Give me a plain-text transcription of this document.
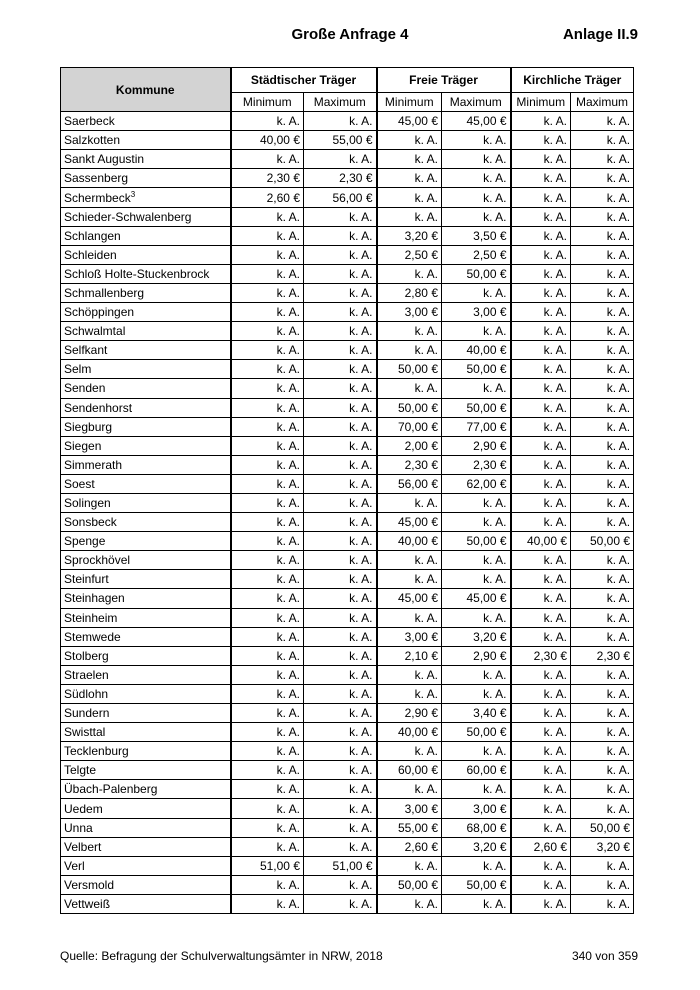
Große Anfrage 4	Anlage II.9
Kommune	Städtischer Träger		Freie Träger		Kirchliche Träger	
	Minimum	Maximum	Minimum	Maximum	Minimum	Maximum
Saerbeck	k. A.	k. A.	45,00 €	45,00 €	k. A.	k. A.
Salzkotten	40,00 €	55,00 €	k. A.	k. A.	k. A.	k. A.
Sankt Augustin	k. A.	k. A.	k. A.	k. A.	k. A.	k. A.
Sassenberg	2,30 €	2,30 €	k. A.	k. A.	k. A.	k. A.
Schermbeck$^3$	2,60 €	56,00 €	k. A.	k. A.	k. A.	k. A.
Schieder-Schwalenberg	k. A.	k. A.	k. A.	k. A.	k. A.	k. A.
Schlangen	k. A.	k. A.	3,20 €	3,50 €	k. A.	k. A.
Schleiden	k. A.	k. A.	2,50 €	2,50 €	k. A.	k. A.
Schloß Holte-Stuckenbrock	k. A.	k. A.	k. A.	50,00 €	k. A.	k. A.
Schmallenberg	k. A.	k. A.	2,80 €	k. A.	k. A.	k. A.
Schöppingen	k. A.	k. A.	3,00 €	3,00 €	k. A.	k. A.
Schwalmtal	k. A.	k. A.	k. A.	k. A.	k. A.	k. A.
Selfkant	k. A.	k. A.	k. A.	40,00 €	k. A.	k. A.
Selm	k. A.	k. A.	50,00 €	50,00 €	k. A.	k. A.
Senden	k. A.	k. A.	k. A.	k. A.	k. A.	k. A.
Sendenhorst	k. A.	k. A.	50,00 €	50,00 €	k. A.	k. A.
Siegburg	k. A.	k. A.	70,00 €	77,00 €	k. A.	k. A.
Siegen	k. A.	k. A.	2,00 €	2,90 €	k. A.	k. A.
Simmerath	k. A.	k. A.	2,30 €	2,30 €	k. A.	k. A.
Soest	k. A.	k. A.	56,00 €	62,00 €	k. A.	k. A.
Solingen	k. A.	k. A.	k. A.	k. A.	k. A.	k. A.
Sonsbeck	k. A.	k. A.	45,00 €	k. A.	k. A.	k. A.
Spenge	k. A.	k. A.	40,00 €	50,00 €	40,00 €	50,00 €
Sprockhövel	k. A.	k. A.	k. A.	k. A.	k. A.	k. A.
Steinfurt	k. A.	k. A.	k. A.	k. A.	k. A.	k. A.
Steinhagen	k. A.	k. A.	45,00 €	45,00 €	k. A.	k. A.
Steinheim	k. A.	k. A.	k. A.	k. A.	k. A.	k. A.
Stemwede	k. A.	k. A.	3,00 €	3,20 €	k. A.	k. A.
Stolberg	k. A.	k. A.	2,10 €	2,90 €	2,30 €	2,30 €
Straelen	k. A.	k. A.	k. A.	k. A.	k. A.	k. A.
Südlohn	k. A.	k. A.	k. A.	k. A.	k. A.	k. A.
Sundern	k. A.	k. A.	2,90 €	3,40 €	k. A.	k. A.
Swisttal	k. A.	k. A.	40,00 €	50,00 €	k. A.	k. A.
Tecklenburg	k. A.	k. A.	k. A.	k. A.	k. A.	k. A.
Telgte	k. A.	k. A.	60,00 €	60,00 €	k. A.	k. A.
Übach-Palenberg	k. A.	k. A.	k. A.	k. A.	k. A.	k. A.
Uedem	k. A.	k. A.	3,00 €	3,00 €	k. A.	k. A.
Unna	k. A.	k. A.	55,00 €	68,00 €	k. A.	50,00 €
Velbert	k. A.	k. A.	2,60 €	3,20 €	2,60 €	3,20 €
Verl	51,00 €	51,00 €	k. A.	k. A.	k. A.	k. A.
Versmold	k. A.	k. A.	50,00 €	50,00 €	k. A.	k. A.
Vettweiß	k. A.	k. A.	k. A.	k. A.	k. A.	k. A.
Quelle: Befragung der Schulverwaltungsämter in NRW, 2018	340 von 359
